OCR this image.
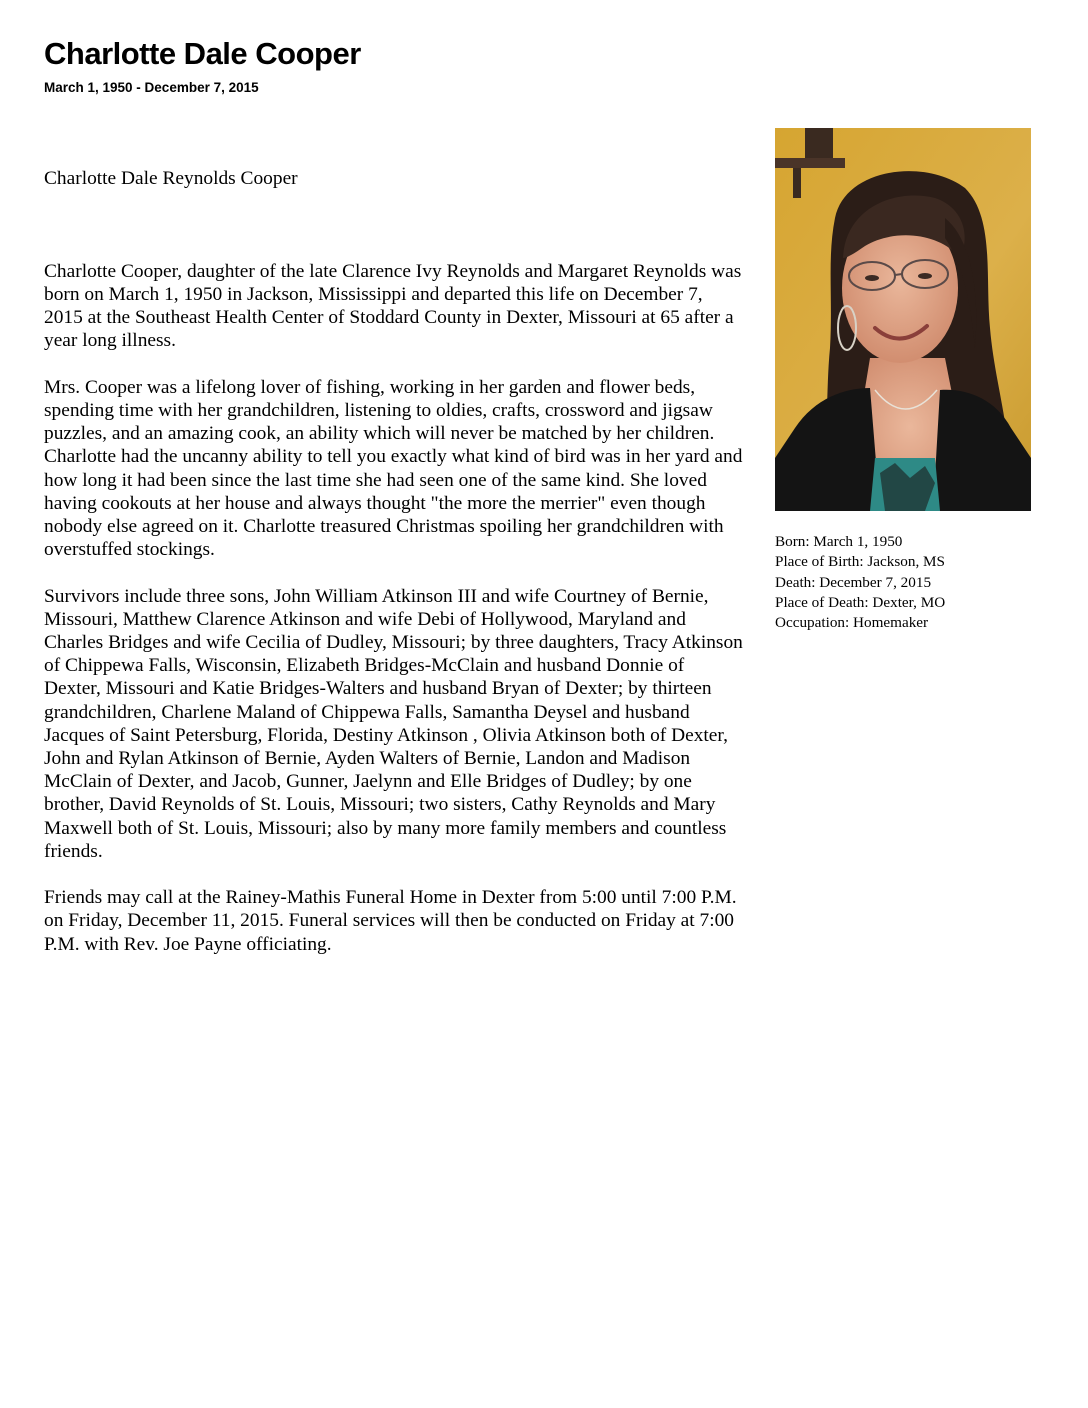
Charlotte Dale Cooper
March 1, 1950 - December 7, 2015

Charlotte Dale Reynolds Cooper

Charlotte Cooper, daughter of the late Clarence Ivy Reynolds and Margaret Reynolds was born on March 1, 1950 in Jackson, Mississippi and departed this life on December 7, 2015 at the Southeast Health Center of Stoddard County in Dexter, Missouri at 65 after a year long illness.

Mrs. Cooper was a lifelong lover of fishing, working in her garden and flower beds, spending time with her grandchildren, listening to oldies, crafts, crossword and jigsaw puzzles, and an amazing cook, an ability which will never be matched by her children. Charlotte had the uncanny ability to tell you exactly what kind of bird was in her yard and how long it had been since the last time she had seen one of the same kind. She loved having cookouts at her house and always thought "the more the merrier" even though nobody else agreed on it. Charlotte treasured Christmas spoiling her grandchildren with overstuffed stockings.

Survivors include three sons, John William Atkinson III and wife Courtney of Bernie, Missouri, Matthew Clarence Atkinson and wife Debi of Hollywood, Maryland and Charles Bridges and wife Cecilia of Dudley, Missouri; by three daughters, Tracy Atkinson of Chippewa Falls, Wisconsin, Elizabeth Bridges-McClain and husband Donnie of Dexter, Missouri and Katie Bridges-Walters and husband Bryan of Dexter; by thirteen grandchildren, Charlene Maland of Chippewa Falls, Samantha Deysel and husband Jacques of Saint Petersburg, Florida, Destiny Atkinson , Olivia Atkinson both of Dexter, John and Rylan Atkinson of Bernie, Ayden Walters of Bernie, Landon and Madison McClain of Dexter, and Jacob, Gunner, Jaelynn and Elle Bridges of Dudley; by one brother, David Reynolds of St. Louis, Missouri; two sisters, Cathy Reynolds and Mary Maxwell both of St. Louis, Missouri; also by many more family members and countless friends.

Friends may call at the Rainey-Mathis Funeral Home in Dexter from 5:00 until 7:00 P.M. on Friday, December 11, 2015. Funeral services will then be conducted on Friday at 7:00 P.M. with Rev. Joe Payne officiating.

Born: March 1, 1950
Place of Birth: Jackson, MS
Death: December 7, 2015
Place of Death: Dexter, MO
Occupation: Homemaker
